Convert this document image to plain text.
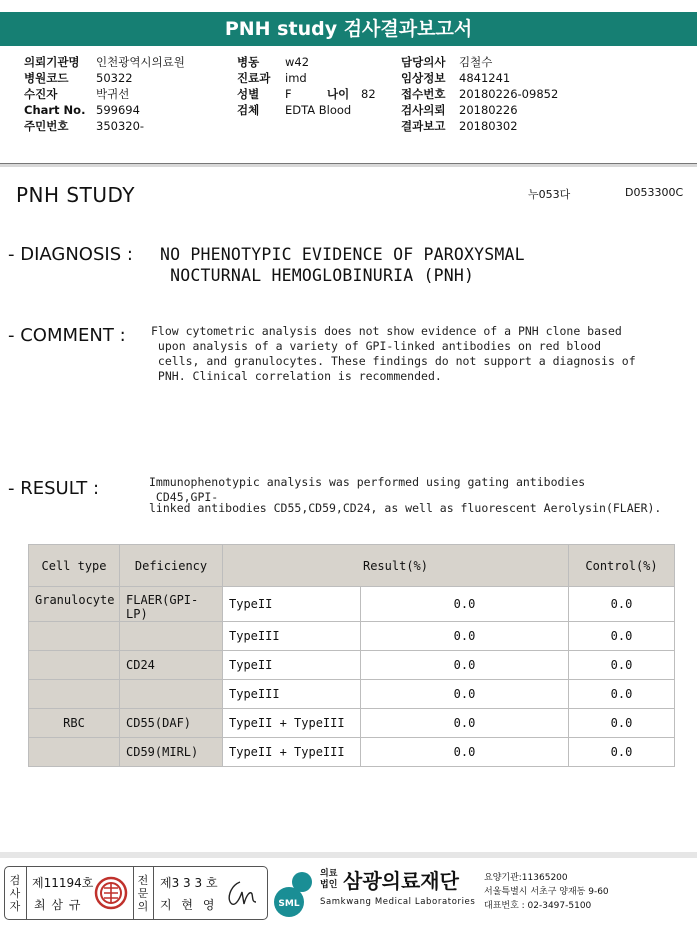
PNH study 검사결과보고서
의뢰기관명 인천광역시의료원
병원코드 50322
수진자	박귀선
Chart No. 599694
주민번호 350320-
병동 w42
진료과 imd
성별 F	나이 82
검체 EDTA Blood
담당의사 김철수
임상정보 4841241
접수번호 20180226-09852
검사의뢰 20180226
결과보고 20180302
PNH STUDY	누053다	D053300C
- DIAGNOSIS : NO PHENOTYPIC EVIDENCE OF PAROXYSMAL
NOCTURNAL HEMOGLOBINURIA (PNH)
- COMMENT : Flow cytometric analysis does not show evidence of a PNH clone based
upon analysis of a variety of GPI-linked antibodies on red blood
cells, and granulocytes. These findings do not support a diagnosis of
PNH. Clinical correlation is recommended.
- RESULT :	Immunophenotypic analysis was performed using gating antibodies
CD45,GPI-
linked antibodies CD55,CD59,CD24, as well as fluorescent Aerolysin(FLAER).
Cell type	Deficiency	Result(%)		Control(%)
Granulocyte	FLAER(GPI-LP)	TypeII	0.0	0.0
		TypeIII	0.0	0.0
	CD24	TypeII	0.0	0.0
		TypeIII	0.0	0.0
RBC	CD55(DAF)	TypeII + TypeIII	0.0	0.0
	CD59(MIRL)	TypeII + TypeIII	0.0	0.0
검사자
제11194호
최 삼 규
전문의
제3 3 3 호
지 현 영	SML
의료법인 삼광의료재단
Samkwang Medical Laboratories
요양기관:11365200
서울특별시 서초구 양재동 9-60
대표번호 : 02-3497-5100
